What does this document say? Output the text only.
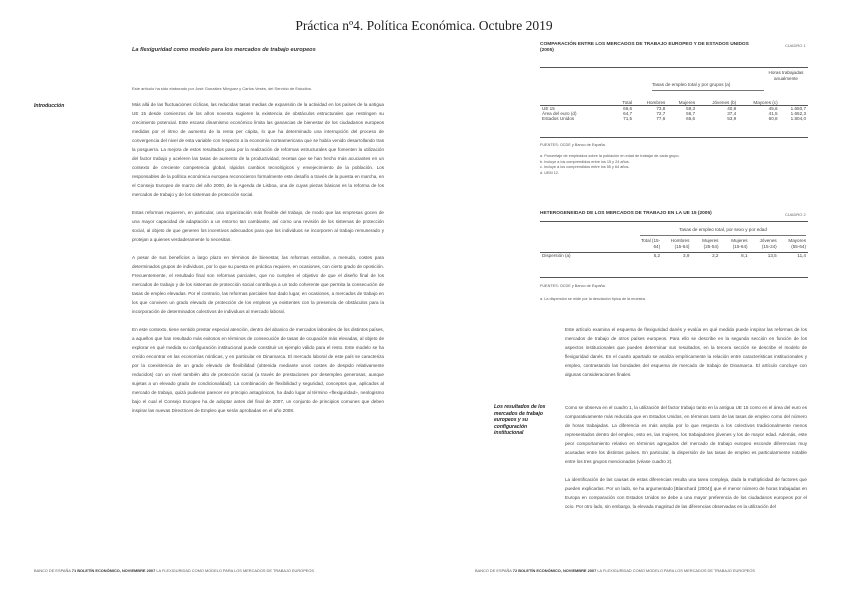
Práctica nº4. Política Económica. Octubre 2019
La flexiguridad como modelo para los mercados de trabajo europeos
Este artículo ha sido elaborado por José González Mínguez y Carlos Vesés, del Servicio de Estudios.
Introducción	Más allá de las fluctuaciones cíclicas, las reducidas tasas medias de expansión de la actividad en los países de la antigua UE 15 desde comienzos de los años noventa sugieren la existencia de obstáculos estructurales que restringen su crecimiento potencial. Este escaso dinamismo económico limita las ganancias de bienestar de los ciudadanos europeos medidas por el ritmo de aumento de la renta per cápita, lo que ha determinado una interrupción del proceso de convergencia del nivel de esta variable con respecto a la economía norteamericana que se había venido desarrollando tras la posguerra. La mejora de estos resultados pasa por la realización de reformas estructurales que fomenten la utilización del factor trabajo y aceleren las tasas de aumento de la productividad, recetas que se han hecho más acuciantes en un contexto de creciente competencia global, rápidos cambios tecnológicos y envejecimiento de la población. Los responsables de la política económica europea reconocieron formalmente este desafío a través de la puesta en marcha, en el Consejo Europeo de marzo del año 2000, de la Agenda de Lisboa, una de cuyas piezas básicas es la reforma de los mercados de trabajo y de los sistemas de protección social.

Estas reformas requieren, en particular, una organización más flexible del trabajo, de modo que las empresas gocen de una mayor capacidad de adaptación a un entorno tan cambiante, así como una revisión de los sistemas de protección social, al objeto de que generen los incentivos adecuados para que los individuos se incorporen al trabajo remunerado y protejan a quienes verdaderamente lo necesitan.

A pesar de sus beneficios a largo plazo en términos de bienestar, las reformas entrañan, a menudo, costes para determinados grupos de individuos, por lo que su puesta en práctica requiere, en ocasiones, con cierto grado de oposición. Frecuentemente, el resultado final son reformas parciales, que no cumplen el objetivo de que el diseño final de los mercados de trabajo y de los sistemas de protección social contribuya a un todo coherente que permita la consecución de tasas de empleo elevadas. Por el contrario, las reformas parciales han dado lugar, en ocasiones, a mercados de trabajo en los que conviven un grado elevado de protección de los empleos ya existentes con la presencia de obstáculos para la incorporación de determinados colectivos de individuos al mercado laboral.

En este contexto, tiene sentido prestar especial atención, dentro del abanico de mercados laborales de los distintos países, a aquellos que han resultado más exitosos en términos de consecución de tasas de ocupación más elevadas, al objeto de explorar en qué medida su configuración institucional puede constituir un ejemplo válido para el resto. Este modelo se ha creído encontrar en las economías nórdicas, y en particular en Dinamarca. El mercado laboral de este país se caracteriza por la coexistencia de un grado elevado de flexibilidad (obtenida mediante unos costes de despido relativamente reducidos) con un nivel también alto de protección social (a través de prestaciones por desempleo generosas, aunque sujetas a un elevado grado de condicionalidad). La combinación de flexibilidad y seguridad, conceptos que, aplicados al mercado de trabajo, quizá pudieran parecer en principio antagónicos, ha dado lugar al término «flexiguridad», neologismo bajo el cual el Consejo Europeo ha de adoptar antes del final de 2007, un conjunto de principios comunes que deben inspirar las nuevas Directrices de Empleo que serán aprobadas en el año 2008.

BANCO DE ESPAÑA 71 BOLETÍN ECONÓMICO, NOVIEMBRE 2007 LA FLEXIGURIDAD COMO MODELO PARA LOS MERCADOS DE TRABAJO EUROPEOS
COMPARACIÓN ENTRE LOS MERCADOS DE TRABAJO EUROPEO Y DE ESTADOS UNIDOS (2005)
CUADRO 1
Tasas de empleo total y por grupos (a)
Horas trabajadas anualmente
	Total	Hombres	Mujeres	Jóvenes (b)	Mayores (c)	

UE 15	66,6	73,8	59,3	40,8	45,6	1.650,7
Área del euro (d)	64,7	72,7	56,7	37,4	41,5	1.652,3
Estados Unidos	71,5	77,6	65,6	53,9	60,8	1.804,0
FUENTES: OCDE y Banco de España.
a. Porcentaje de empleados sobre la población en edad de trabajar de cada grupo.
b. Incluye a los comprendidos entre los 15 y 24 años.
c. Incluye a los comprendidos entre los 55 y 64 años.
d. UEM 12.
HETEROGENEIDAD DE LOS MERCADOS DE TRABAJO EN LA UE 15 (2005)	CUADRO 2
Tasas de empleo total, por sexo y por edad
	Total (15-64)	Hombres (15-64)	Mujeres (25-54)	Mujeres (15-64)	Jóvenes (15-24)	Mayores (55-64)

Dispersión (a)	5,2	3,9	2,2	8,1	13,5	11,4
FUENTES: OCDE y Banco de España.
a. La dispersión se mide por la desviación típica de la muestra.
Este artículo examina el esquema de flexiguridad danés y evalúa en qué medida puede inspirar las reformas de los mercados de trabajo de otros países europeos. Para ello se describe en la segunda sección en función de los aspectos institucionales que pueden determinar sus resultados, en la tercera sección se describe el modelo de flexiguridad danés. En el cuarto apartado se analiza empíricamente la relación entre características institucionales y empleo, contrastando las bondades del esquema de mercado de trabajo de Dinamarca. El artículo concluye con algunas consideraciones finales.
Los resultados de los mercados de trabajo europeos y su configuración institucional

Como se observa en el cuadro 1, la utilización del factor trabajo tanto en la antigua UE 15 como en el área del euro es comparativamente más reducida que en Estados Unidos, en términos tanto de las tasas de empleo como del número de horas trabajadas. La diferencia es más amplia por lo que respecta a los colectivos tradicionalmente menos representados dentro del empleo, esto es, las mujeres, los trabajadores jóvenes y los de mayor edad. Además, este peor comportamiento relativo en términos agregados del mercado de trabajo europeo esconde diferencias muy acusadas entre los distintos países. En particular, la dispersión de las tasas de empleo es particularmente notable entre los tres grupos mencionados (véase cuadro 2).

La identificación de las causas de estas diferencias resulta una tarea compleja, dada la multiplicidad de factores que pueden explicarlas. Por un lado, se ha argumentado [Blanchard (2004)] que el menor número de horas trabajadas en Europa en comparación con Estados Unidos se debe a una mayor preferencia de los ciudadanos europeos por el ocio. Por otro lado, sin embargo, la elevada magnitud de las diferencias observadas en la utilización del

BANCO DE ESPAÑA 72 BOLETÍN ECONÓMICO, NOVIEMBRE 2007 LA FLEXIGURIDAD COMO MODELO PARA LOS MERCADOS DE TRABAJO EUROPEOS
